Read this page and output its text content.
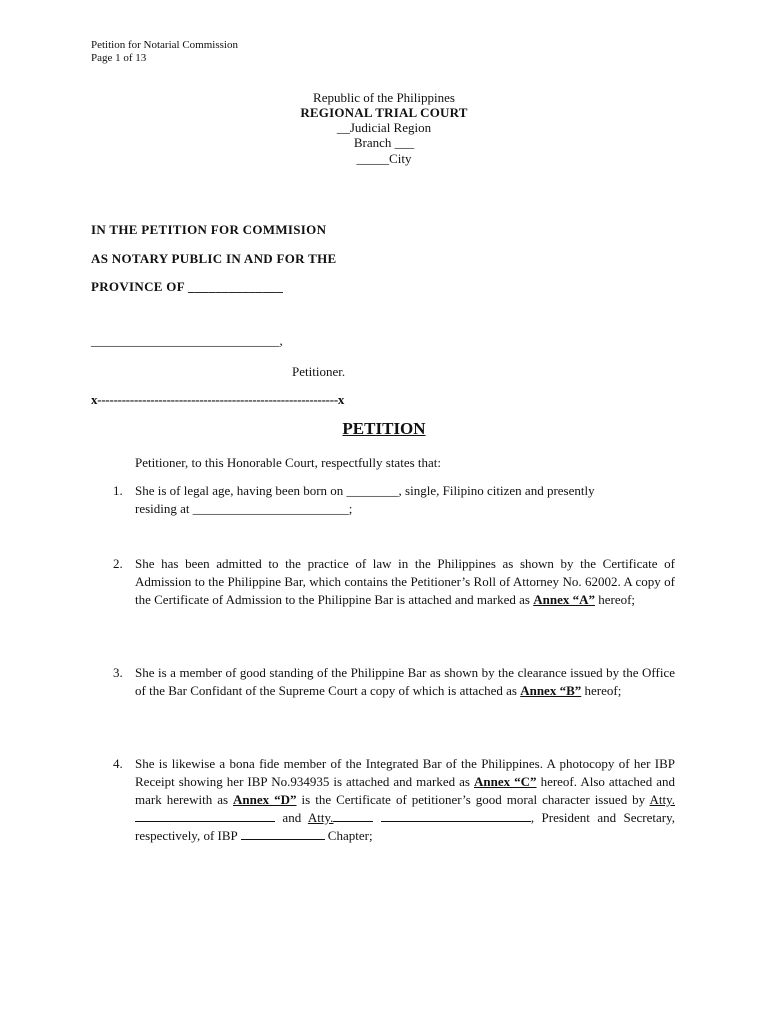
Petition for Notarial Commission
Page 1 of 13
Republic of the Philippines
REGIONAL TRIAL COURT
__Judicial Region
Branch ___
_____City
IN THE PETITION FOR COMMISION
AS NOTARY PUBLIC IN AND FOR THE
PROVINCE OF ______________
_____________________________,
Petitioner.
x-----------------------------------------------------------x
PETITION
Petitioner, to this Honorable Court, respectfully states that:
1. She is of legal age, having been born on ________, single, Filipino citizen and presently
residing at ________________________;
2. She has been admitted to the practice of law in the Philippines as shown by the Certificate of Admission to the Philippine Bar, which contains the Petitioner’s Roll of Attorney No. 62002. A copy of the Certificate of Admission to the Philippine Bar is attached and marked as Annex “A” hereof;
3. She is a member of good standing of the Philippine Bar as shown by the clearance issued by the Office of the Bar Confidant of the Supreme Court a copy of which is attached as Annex “B” hereof;
4. She is likewise a bona fide member of the Integrated Bar of the Philippines. A photocopy of her IBP Receipt showing her IBP No.934935 is attached and marked as Annex “C” hereof. Also attached and mark herewith as Annex “D” is the Certificate of petitioner’s good moral character issued by Atty. and Atty.	, President and Secretary, respectively, of IBP	Chapter;
